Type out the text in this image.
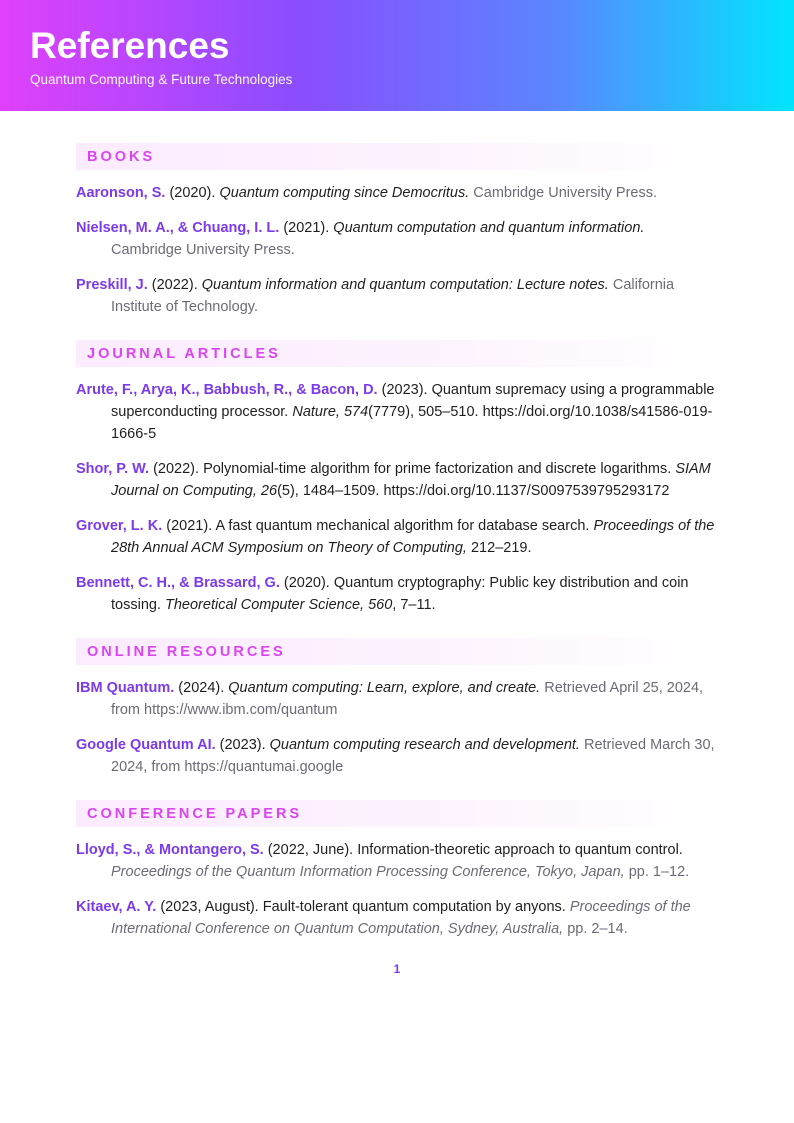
References
Quantum Computing & Future Technologies
BOOKS
Aaronson, S. (2020). Quantum computing since Democritus. Cambridge University Press.
Nielsen, M. A., & Chuang, I. L. (2021). Quantum computation and quantum information. Cambridge University Press.
Preskill, J. (2022). Quantum information and quantum computation: Lecture notes. California Institute of Technology.
JOURNAL ARTICLES
Arute, F., Arya, K., Babbush, R., & Bacon, D. (2023). Quantum supremacy using a programmable superconducting processor. Nature, 574(7779), 505–510. https://doi.org/10.1038/s41586-019-1666-5
Shor, P. W. (2022). Polynomial-time algorithm for prime factorization and discrete logarithms. SIAM Journal on Computing, 26(5), 1484–1509. https://doi.org/10.1137/S0097539795293172
Grover, L. K. (2021). A fast quantum mechanical algorithm for database search. Proceedings of the 28th Annual ACM Symposium on Theory of Computing, 212–219.
Bennett, C. H., & Brassard, G. (2020). Quantum cryptography: Public key distribution and coin tossing. Theoretical Computer Science, 560, 7–11.
ONLINE RESOURCES
IBM Quantum. (2024). Quantum computing: Learn, explore, and create. Retrieved April 25, 2024, from https://www.ibm.com/quantum
Google Quantum AI. (2023). Quantum computing research and development. Retrieved March 30, 2024, from https://quantumai.google
CONFERENCE PAPERS
Lloyd, S., & Montangero, S. (2022, June). Information-theoretic approach to quantum control. Proceedings of the Quantum Information Processing Conference, Tokyo, Japan, pp. 1–12.
Kitaev, A. Y. (2023, August). Fault-tolerant quantum computation by anyons. Proceedings of the International Conference on Quantum Computation, Sydney, Australia, pp. 2–14.
1
